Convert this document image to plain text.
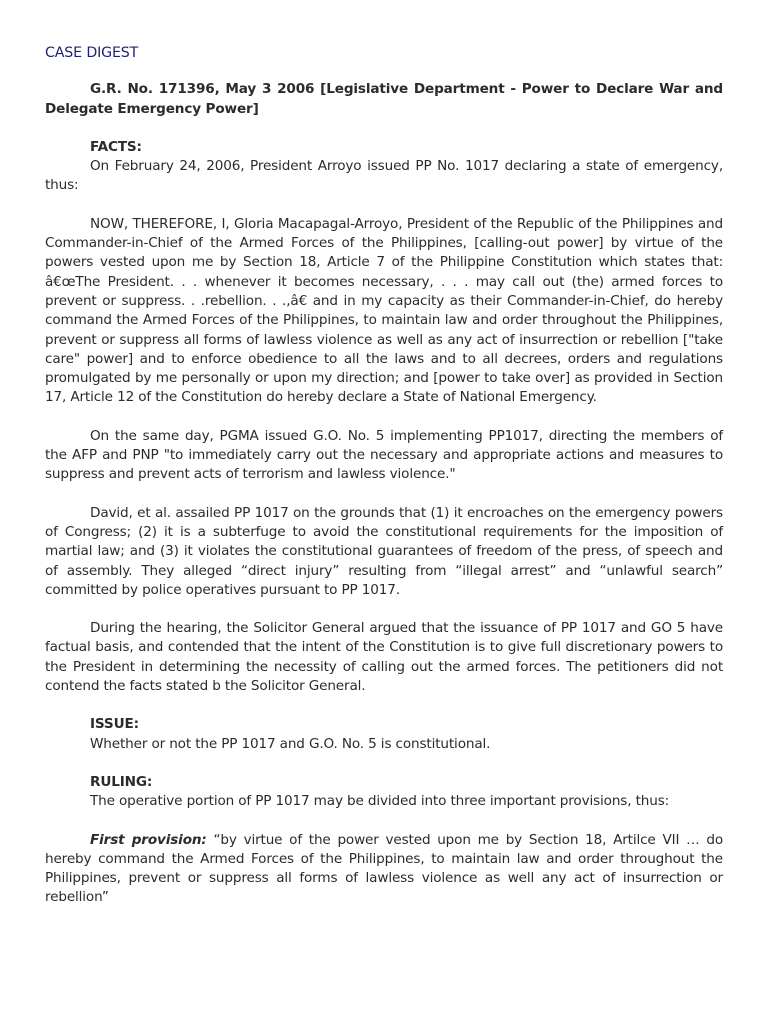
CASE DIGEST

G.R. No. 171396, May 3 2006 [Legislative Department - Power to Declare War and Delegate Emergency Power]

FACTS:

On February 24, 2006, President Arroyo issued PP No. 1017 declaring a state of emergency, thus:

NOW, THEREFORE, I, Gloria Macapagal-Arroyo, President of the Republic of the Philippines and Commander-in-Chief of the Armed Forces of the Philippines, [calling-out power] by virtue of the powers vested upon me by Section 18, Article 7 of the Philippine Constitution which states that: â€œThe President. . . whenever it becomes necessary, . . . may call out (the) armed forces to prevent or suppress. . .rebellion. . .,â€ and in my capacity as their Commander-in-Chief, do hereby command the Armed Forces of the Philippines, to maintain law and order throughout the Philippines, prevent or suppress all forms of lawless violence as well as any act of insurrection or rebellion ["take care" power] and to enforce obedience to all the laws and to all decrees, orders and regulations promulgated by me personally or upon my direction; and [power to take over] as provided in Section 17, Article 12 of the Constitution do hereby declare a State of National Emergency.

On the same day, PGMA issued G.O. No. 5 implementing PP1017, directing the members of the AFP and PNP "to immediately carry out the necessary and appropriate actions and measures to suppress and prevent acts of terrorism and lawless violence."

David, et al. assailed PP 1017 on the grounds that (1) it encroaches on the emergency powers of Congress; (2) it is a subterfuge to avoid the constitutional requirements for the imposition of martial law; and (3) it violates the constitutional guarantees of freedom of the press, of speech and of assembly. They alleged “direct injury” resulting from “illegal arrest” and “unlawful search” committed by police operatives pursuant to PP 1017.

During the hearing, the Solicitor General argued that the issuance of PP 1017 and GO 5 have factual basis, and contended that the intent of the Constitution is to give full discretionary powers to the President in determining the necessity of calling out the armed forces. The petitioners did not contend the facts stated b the Solicitor General.

ISSUE:

Whether or not the PP 1017 and G.O. No. 5 is constitutional.

RULING:

The operative portion of PP 1017 may be divided into three important provisions, thus:

First provision: “by virtue of the power vested upon me by Section 18, Artilce VII … do hereby command the Armed Forces of the Philippines, to maintain law and order throughout the Philippines, prevent or suppress all forms of lawless violence as well any act of insurrection or rebellion”
